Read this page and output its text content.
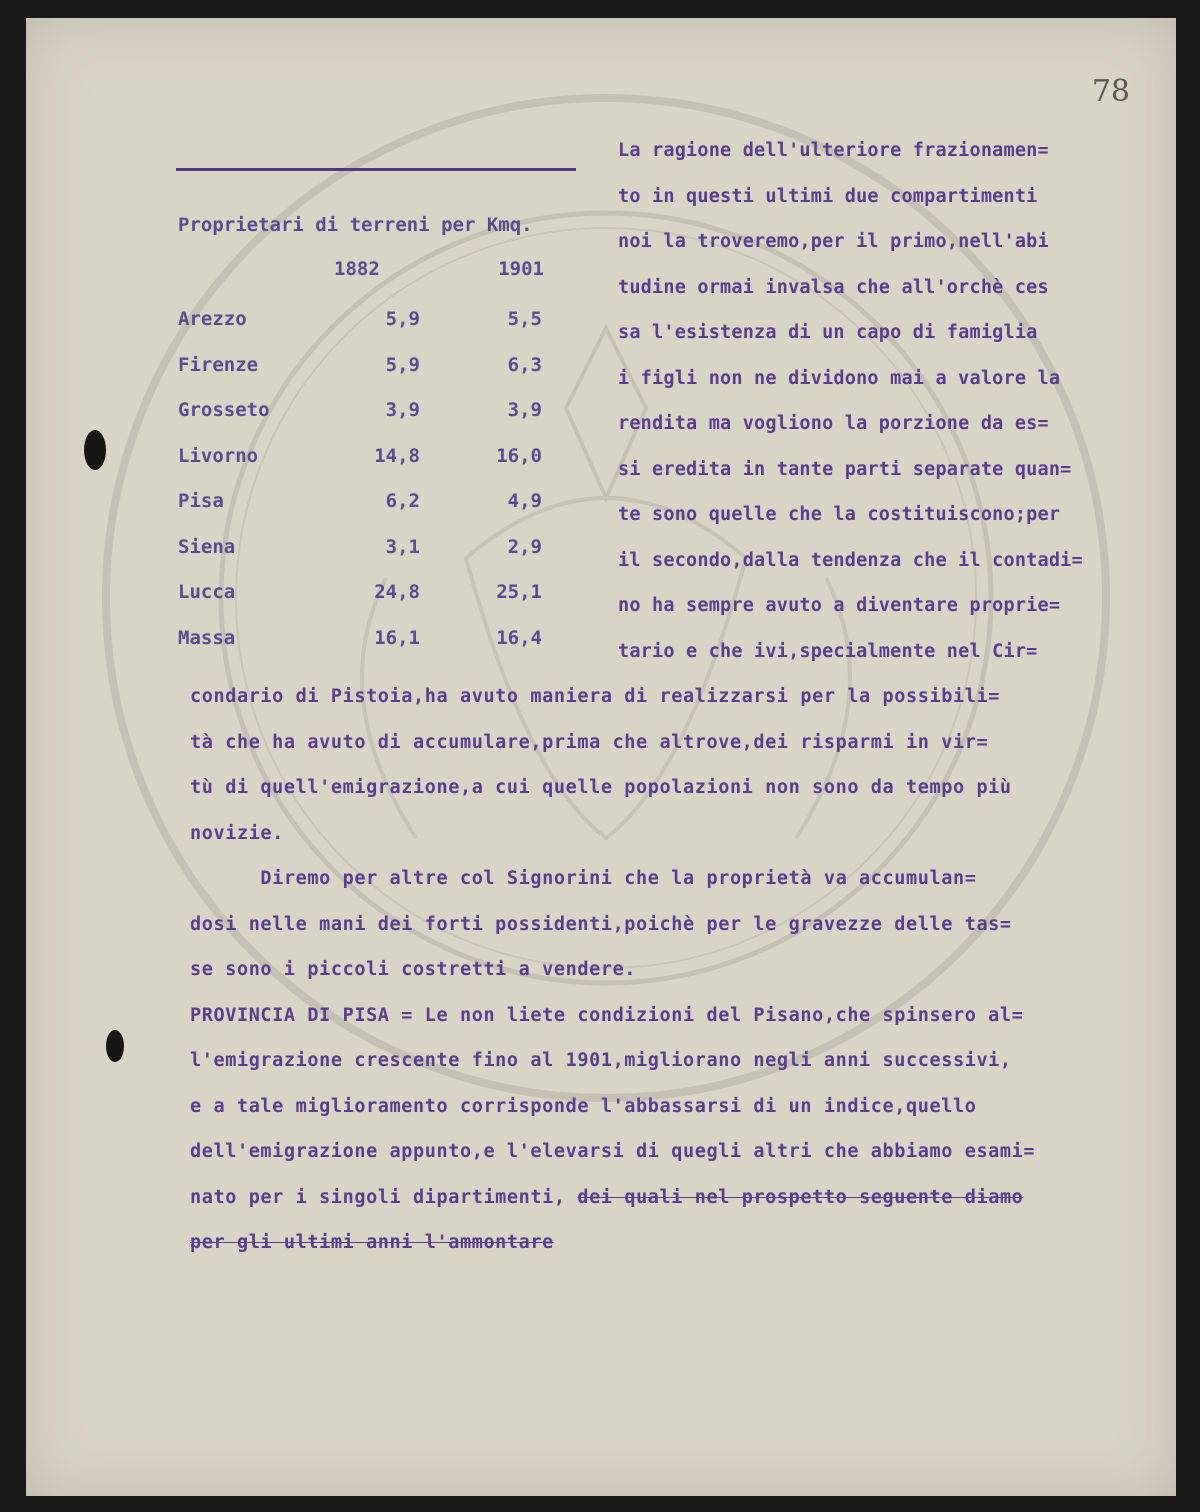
78
Proprietari di terreni per Kmq.
1882	1901
Arezzo	5,9	5,5
Firenze	5,9	6,3
Grosseto	3,9	3,9
Livorno	14,8	16,0
Pisa	6,2	4,9
Siena	3,1	2,9
Lucca	24,8	25,1
Massa	16,1	16,4
La ragione dell'ulteriore frazionamen=
to in questi ultimi due compartimenti
noi la troveremo,per il primo,nell'abi
tudine ormai invalsa che all'orchè ces
sa l'esistenza di un capo di famiglia
i figli non ne dividono mai a valore la
rendita ma vogliono la porzione da es=
si eredita in tante parti separate quan=
te sono quelle che la costituiscono;per
il secondo,dalla tendenza che il contadi=
no ha sempre avuto a diventare proprie=
tario e che ivi,specialmente nel Cir=
condario di Pistoia,ha avuto maniera di realizzarsi per la possibili=
tà che ha avuto di accumulare,prima che altrove,dei risparmi in vir=
tù di quell'emigrazione,a cui quelle popolazioni non sono da tempo più
novizie.
Diremo per altre col Signorini che la proprietà va accumulan=
dosi nelle mani dei forti possidenti,poichè per le gravezze delle tas=
se sono i piccoli costretti a vendere.
PROVINCIA DI PISA = Le non liete condizioni del Pisano,che spinsero al=
l'emigrazione crescente fino al 1901,migliorano negli anni successivi,
e a tale miglioramento corrisponde l'abbassarsi di un indice,quello
dell'emigrazione appunto,e l'elevarsi di quegli altri che abbiamo esami=
nato per i singoli dipartimenti, dei quali nel prospetto seguente diamo
per gli ultimi anni l'ammontare
